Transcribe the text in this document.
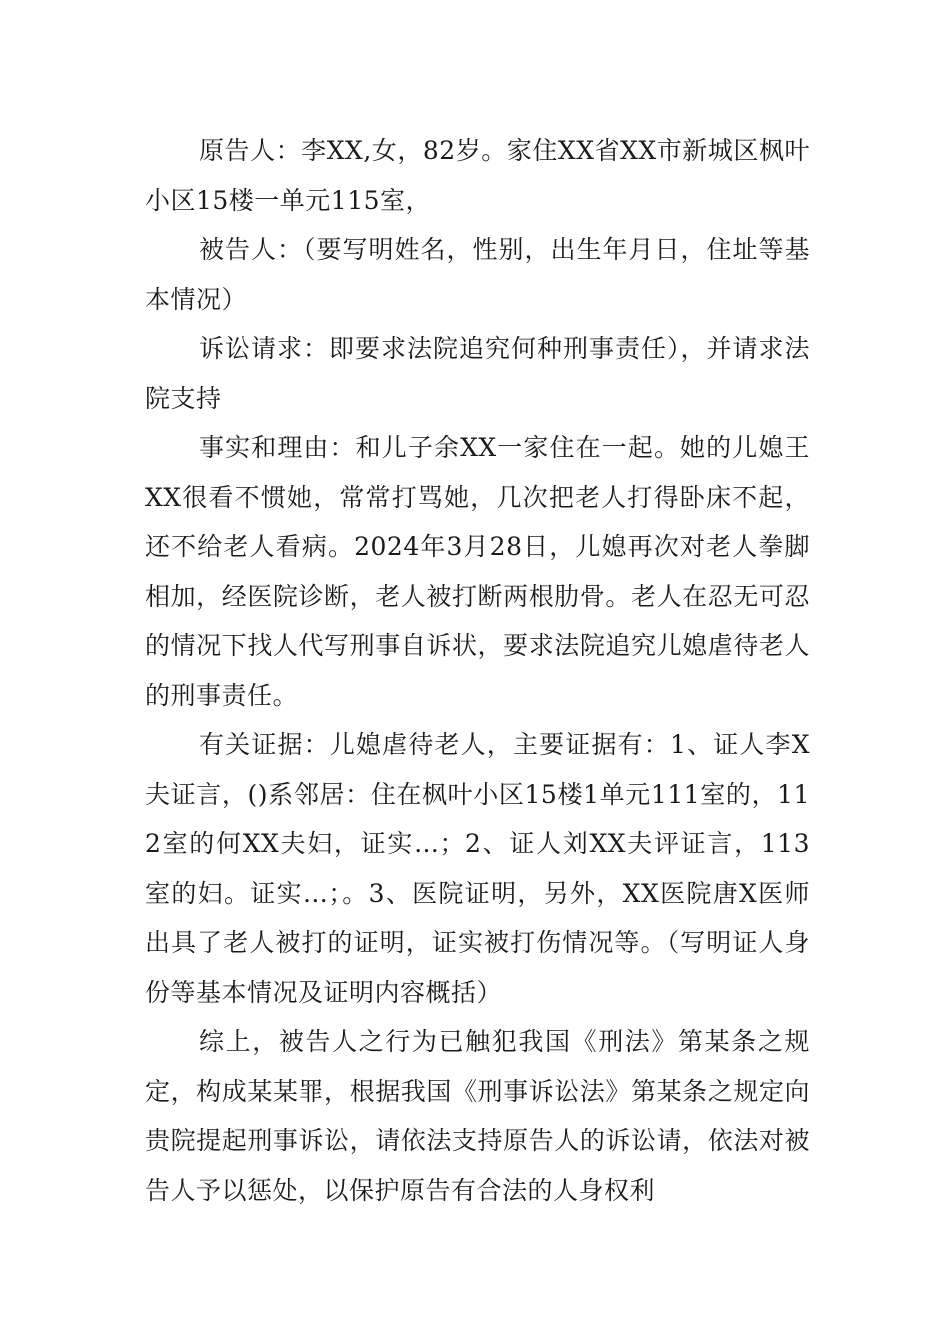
原告人：李XX,女，82岁。家住XX省XX市新城区枫叶小区15楼一单元115室，

被告人：（要写明姓名，性别，出生年月日，住址等基本情况）

诉讼请求：即要求法院追究何种刑事责任），并请求法院支持

事实和理由：和儿子余XX一家住在一起。她的儿媳王XX很看不惯她，常常打骂她，几次把老人打得卧床不起，还不给老人看病。2024年3月28日，儿媳再次对老人拳脚相加，经医院诊断，老人被打断两根肋骨。老人在忍无可忍的情况下找人代写刑事自诉状，要求法院追究儿媳虐待老人的刑事责任。

有关证据：儿媳虐待老人，主要证据有：1、证人李X夫证言，()系邻居：住在枫叶小区15楼1单元111室的，112室的何XX夫妇，证实…；2、证人刘XX夫评证言，113室的妇。证实…；。3、医院证明，另外，XX医院唐X医师出具了老人被打的证明，证实被打伤情况等。（写明证人身份等基本情况及证明内容概括）

综上，被告人之行为已触犯我国《刑法》第某条之规定，构成某某罪，根据我国《刑事诉讼法》第某条之规定向贵院提起刑事诉讼，请依法支持原告人的诉讼请，依法对被告人予以惩处，以保护原告有合法的人身权利
